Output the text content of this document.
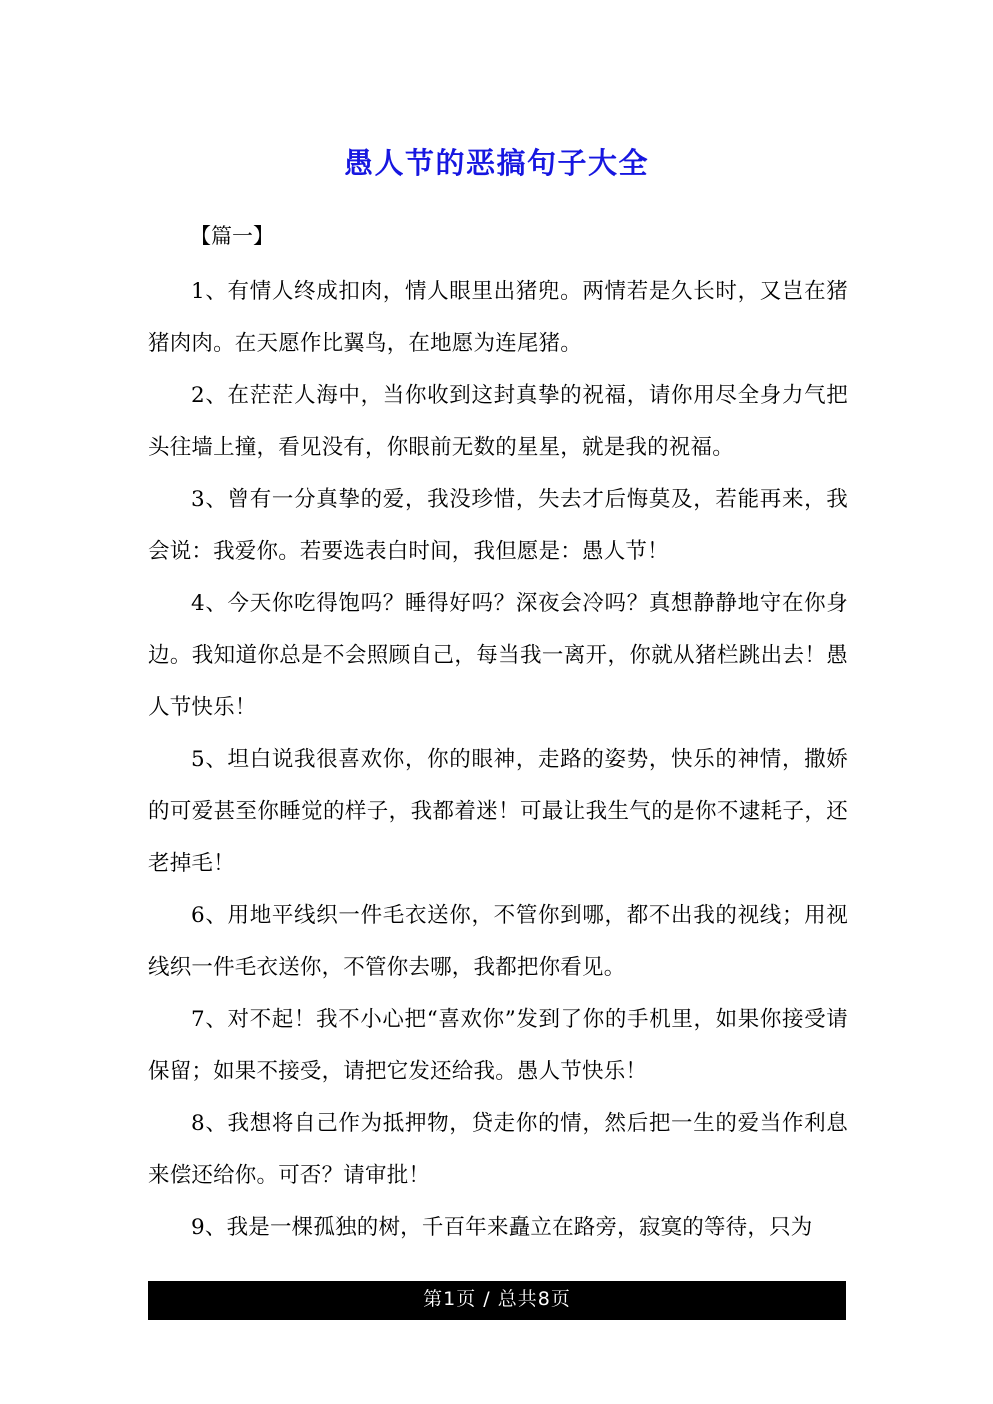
愚人节的恶搞句子大全

【篇一】

1、有情人终成扣肉，情人眼里出猪兜。两情若是久长时，又岂在猪猪肉肉。在天愿作比翼鸟，在地愿为连尾猪。

2、在茫茫人海中，当你收到这封真挚的祝福，请你用尽全身力气把头往墙上撞，看见没有，你眼前无数的星星，就是我的祝福。

3、曾有一分真挚的爱，我没珍惜，失去才后悔莫及，若能再来，我会说：我爱你。若要选表白时间，我但愿是：愚人节！

4、今天你吃得饱吗？睡得好吗？深夜会冷吗？真想静静地守在你身边。我知道你总是不会照顾自己，每当我一离开，你就从猪栏跳出去！愚人节快乐！

5、坦白说我很喜欢你，你的眼神，走路的姿势，快乐的神情，撒娇的可爱甚至你睡觉的样子，我都着迷！可最让我生气的是你不逮耗子，还老掉毛！

6、用地平线织一件毛衣送你，不管你到哪，都不出我的视线；用视线织一件毛衣送你，不管你去哪，我都把你看见。

7、对不起！我不小心把“喜欢你”发到了你的手机里，如果你接受请保留；如果不接受，请把它发还给我。愚人节快乐！

8、我想将自己作为抵押物，贷走你的情，然后把一生的爱当作利息来偿还给你。可否？请审批！

9、我是一棵孤独的树，千百年来矗立在路旁，寂寞的等待，只为

第1页 / 总共8页
